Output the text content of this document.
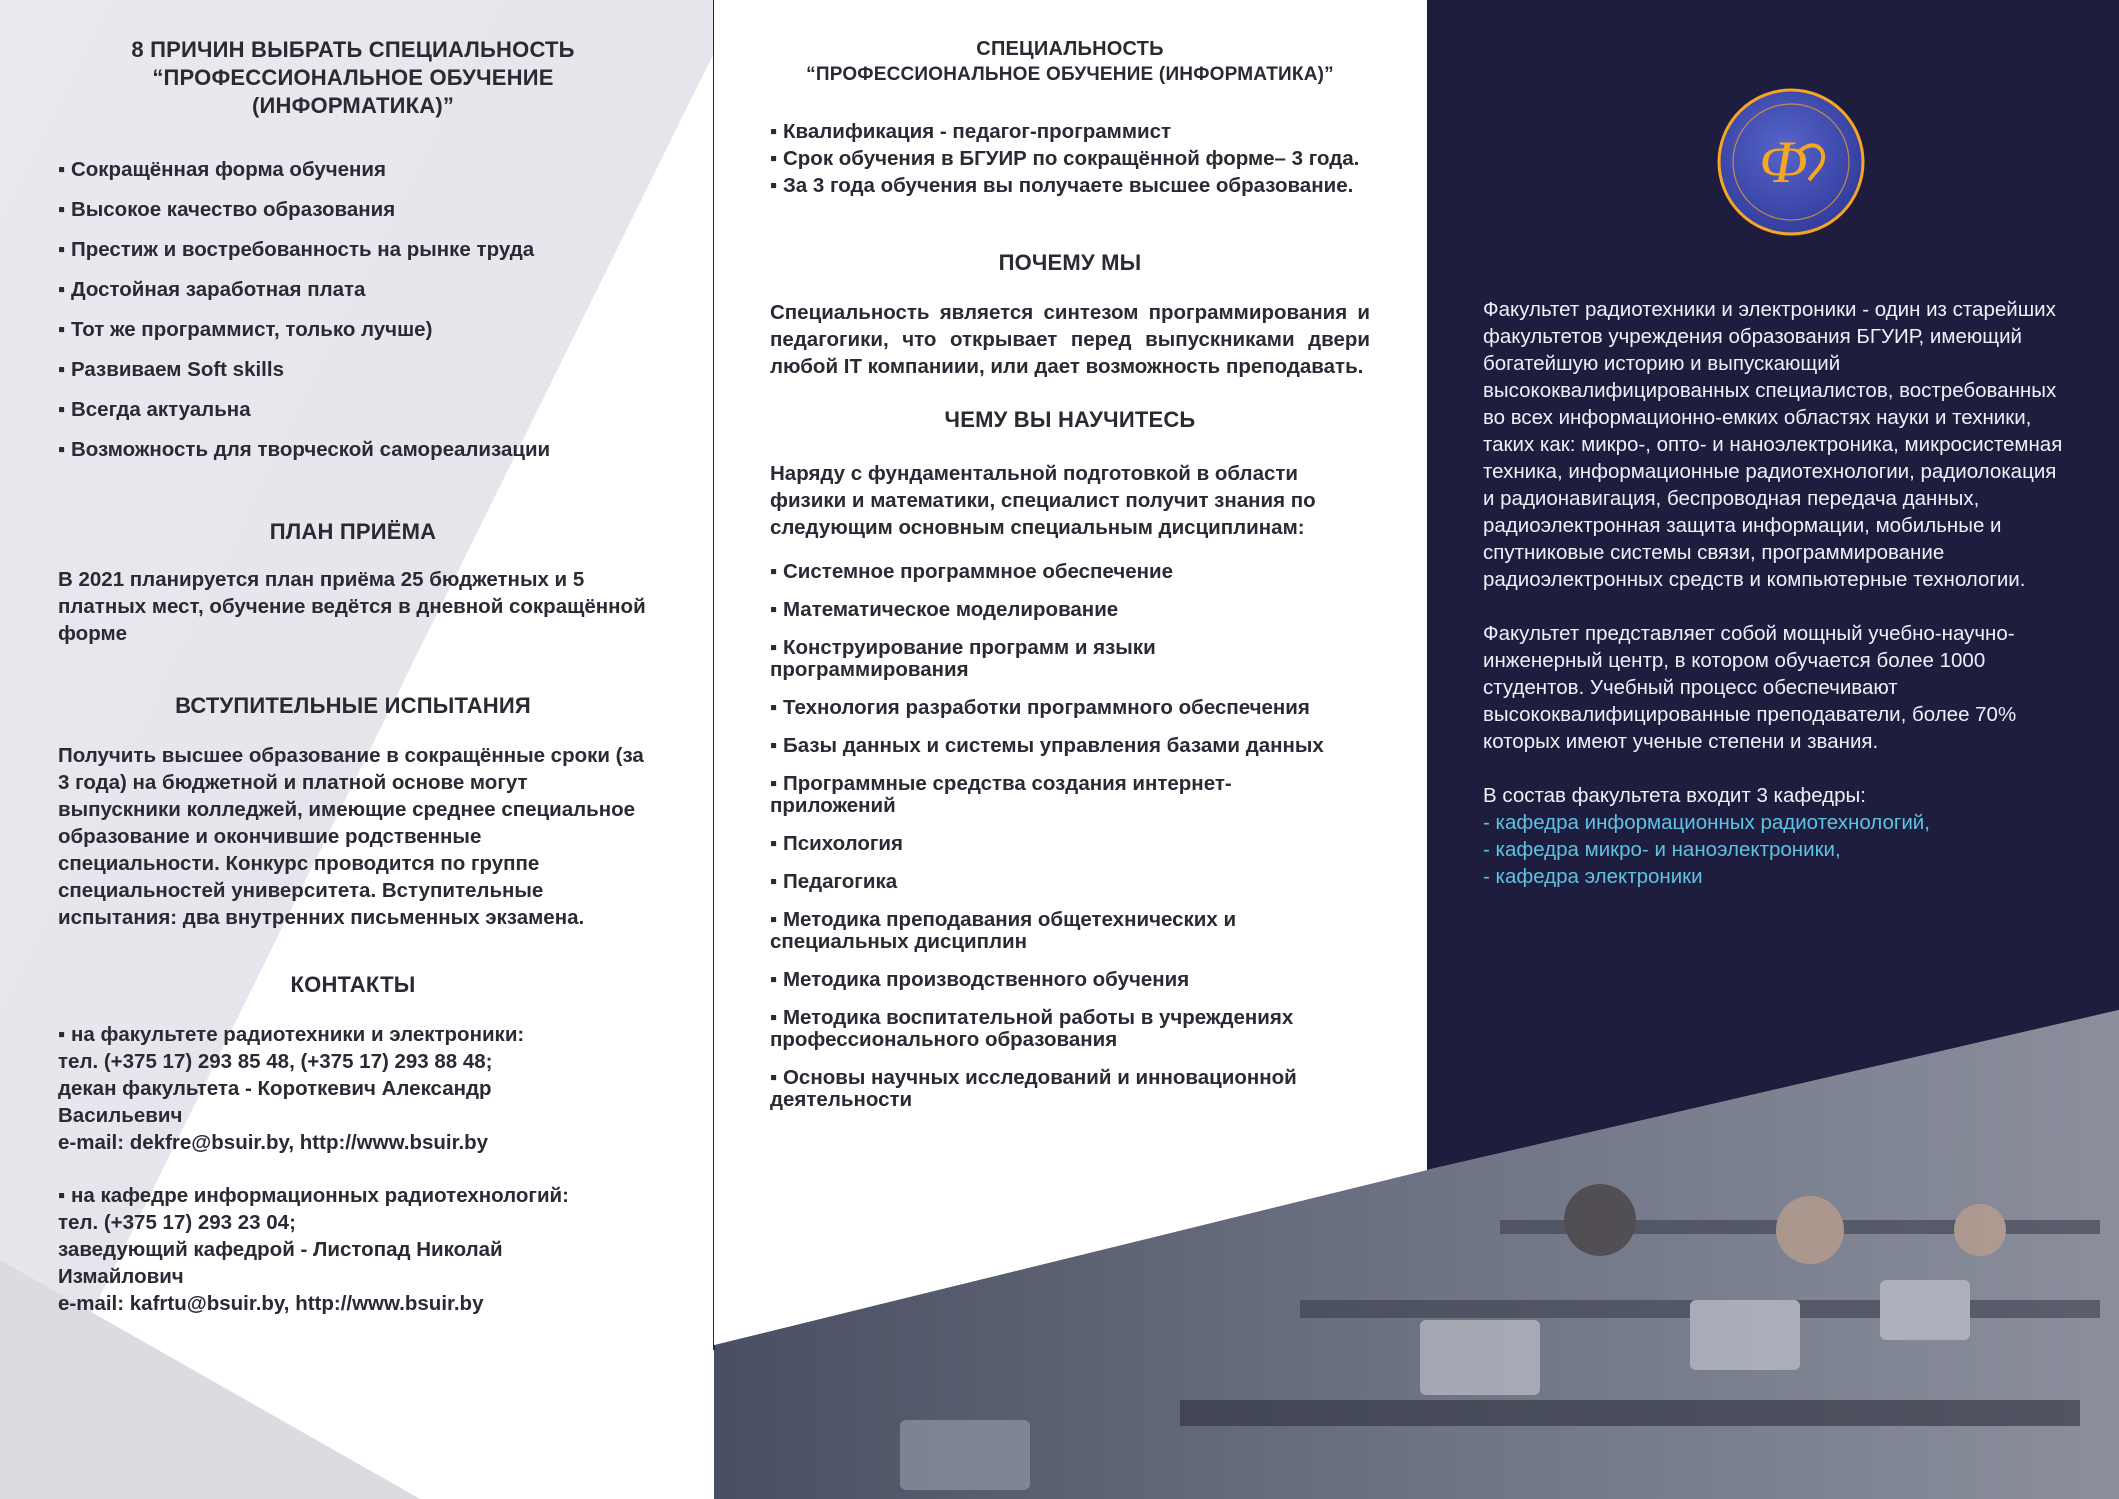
Ф
8 ПРИЧИН ВЫБРАТЬ СПЕЦИАЛЬНОСТЬ “ПРОФЕССИОНАЛЬНОЕ ОБУЧЕНИЕ (ИНФОРМАТИКА)”
▪ Сокращённая форма обучения
▪ Высокое качество образования
▪ Престиж и востребованность на рынке труда
▪ Достойная заработная плата
▪ Тот же программист, только лучше)
▪ Развиваем Soft skills
▪ Всегда актуальна
▪ Возможность для творческой самореализации
ПЛАН ПРИЁМА

В 2021 планируется план приёма 25 бюджетных и 5 платных мест, обучение ведётся в дневной сокращённой форме

ВСТУПИТЕЛЬНЫЕ ИСПЫТАНИЯ

Получить высшее образование в сокращённые сроки (за 3 года) на бюджетной и платной основе могут выпускники колледжей, имеющие среднее специальное образование и окончившие родственные специальности. Конкурс проводится по группе специальностей университета. Вступительные испытания: два внутренних письменных экзамена.

КОНТАКТЫ
▪ на факультете радиотехники и электроники:
тел. (+375 17) 293 85 48, (+375 17) 293 88 48;
декан факультета - Короткевич Александр Васильевич
e-mail: dekfre@bsuir.by, http://www.bsuir.by
▪ на кафедре информационных радиотехнологий:
тел. (+375 17) 293 23 04;
заведующий кафедрой - Листопад Николай Измайлович
e-mail: kafrtu@bsuir.by, http://www.bsuir.by
СПЕЦИАЛЬНОСТЬ
“ПРОФЕССИОНАЛЬНОЕ ОБУЧЕНИЕ (ИНФОРМАТИКА)”

▪ Квалификация - педагог-программист

▪ Срок обучения в БГУИР по сокращённой форме– 3 года.

▪ За 3 года обучения вы получаете высшее образование.

ПОЧЕМУ МЫ

Специальность является синтезом программирования и педагогики, что открывает перед выпускниками двери любой IT компаниии, или дает возможность преподавать.

ЧЕМУ ВЫ НАУЧИТЕСЬ

Наряду с фундаментальной подготовкой в области физики и математики, специалист получит знания по следующим основным специальным дисциплинам:

▪ Системное программное обеспечение
▪ Математическое моделирование
▪ Конструирование программ и языки программирования
▪ Технология разработки программного обеспечения
▪ Базы данных и системы управления базами данных
▪ Программные средства создания интернет-приложений
▪ Психология
▪ Педагогика
▪ Методика преподавания общетехнических и специальных дисциплин
▪ Методика производственного обучения
▪ Методика воспитательной работы в учреждениях профессионального образования
▪ Основы научных исследований и инновационной деятельности

Факультет радиотехники и электроники - один из старейших факультетов учреждения образования БГУИР, имеющий богатейшую историю и выпускающий высококвалифицированных специалистов, востребованных во всех информационно-емких областях науки и техники, таких как: микро-, опто- и наноэлектроника, микросистемная техника, информационные радиотехнологии, радиолокация и радионавигация, беспроводная передача данных, радиоэлектронная защита информации, мобильные и спутниковые системы связи, программирование радиоэлектронных средств и компьютерные технологии.

Факультет представляет собой мощный учебно-научно-инженерный центр, в котором обучается более 1000 студентов. Учебный процесс обеспечивают высококвалифицированные преподаватели, более 70% которых имеют ученые степени и звания.

В состав факультета входит 3 кафедры:

- кафедра информационных радиотехнологий,
- кафедра микро- и наноэлектроники,
- кафедра электроники
